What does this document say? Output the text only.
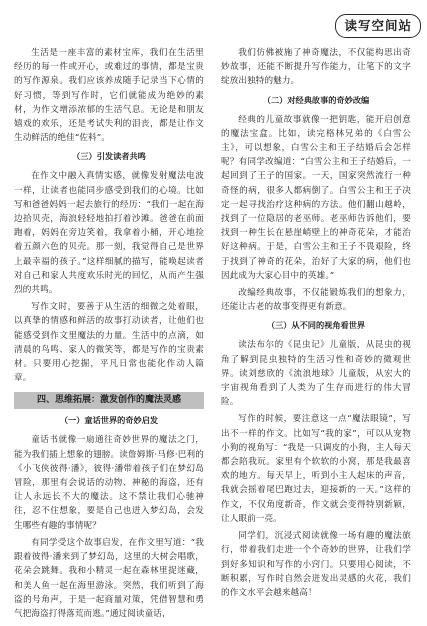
读写空间站

生活是一座丰富的素材宝库，我们在生活里经历的每一件或开心，或难过的事情，都是宝贵的写作源泉。我们应该养成随手记录当下心情的好习惯，等到写作时，它们就能成为绝妙的素材，为作文增添浓郁的生活气息。无论是和朋友嬉戏的欢乐，还是考试失利的泪丧，都是让作文生动鲜活的绝佳“佐料”。

（三）引发读者共鸣

在作文中融入真情实感，就像发射魔法电波一样，让读者也能同步感受到我们的心境。比如写和爸爸妈妈一起去旅行的经历：“我们一起在海边拾贝壳，海浪轻轻地拍打着沙滩。爸爸在前面跑着，妈妈在旁边笑着，我拿着小桶，开心地捡着五颜六色的贝壳。那一刻，我觉得自己是世界上最幸福的孩子。”这样细腻的描写，能唤起读者对自己和家人共度欢乐时光的回忆，从而产生强烈的共鸣。

写作文时，要善于从生活的细微之处着眼，以真挚的情感和鲜活的故事打动读者，让他们也能感受到作文里魔法的力量。生活中的点滴，如清晨的鸟鸣、家人的微笑等，都是写作的宝贵素材。只要用心挖掘，平凡日常也能化作动人篇章。

四、思维拓展：激发创作的魔法灵感
（一）童话世界的奇妙启发

童话书就像一扇通往奇妙世界的魔法之门，能为我们插上想象的翅膀。读詹姆斯·马修·巴利的《小飞侠彼得·潘》，彼得·潘带着孩子们在梦幻岛冒险，那里有会说话的动物、神秘的海盗，还有让人永远长不大的魔法。这不禁让我们心驰神往，忍不住想象，要是自己也进入梦幻岛，会发生哪些有趣的事情呢？

有同学受这个故事启发，在作文里写道：“我跟着彼得·潘来到了梦幻岛，这里的大树会唱歌，花朵会跳舞。我和小精灵一起在森林里捉迷藏，和美人鱼一起在海里游泳。突然，我们听到了海盗的号角声，于是一起商量对策，凭借智慧和勇气把海盗打得落荒而逃。”通过阅读童话，

我们仿佛被施了神奇魔法，不仅能构思出奇妙故事，还能不断提升写作能力，让笔下的文字绽放出独特的魅力。

（二）对经典故事的奇妙改编

经典的儿童故事就像一把钥匙，能开启创意的魔法宝盒。比如，读完格林兄弟的《白雪公主》，可以想象，白雪公主和王子结婚后会怎样呢？有同学改编道：“白雪公主和王子结婚后，一起回到了王子的国家。一天，国家突然流行一种奇怪的病，很多人都病倒了。白雪公主和王子决定一起寻找治疗这种病的方法。他们翻山越岭，找到了一位隐居的老巫师。老巫师告诉他们，要找到一种生长在悬崖峭壁上的神奇花朵，才能治好这种病。于是，白雪公主和王子不畏艰险，终于找到了神奇的花朵，治好了大家的病，他们也因此成为大家心目中的英雄。”

改编经典故事，不仅能锻炼我们的想象力，还能让古老的故事变得更有新意。

（三）从不同的视角看世界

读法布尔的《昆虫记》儿童版，从昆虫的视角了解到昆虫独特的生活习性和奇妙的微观世界。读刘慈欣的《流浪地球》儿童版，从宏大的宇宙视角看到了人类为了生存而进行的伟大冒险。

写作的时候，要注意这一点“魔法眼镜”，写出不一样的作文。比如写“我的家”，可以从宠物小狗的视角写：“我是一只调皮的小狗，主人每天都会陪我玩。家里有个软软的小窝，那是我最喜欢的地方。每天早上，听到小主人起床的声音，我就会摇着尾巴跑过去，迎接新的一天。”这样的作文，不仅角度新奇，作文就会变得特别新颖，让人眼前一亮。

同学们，沉浸式阅读就像一场有趣的魔法旅行，带着我们走进一个个奇妙的世界，让我们学到好多知识和写作的小窍门。只要用心阅读，不断积累，写作时自然会迸发出灵感的火花，我们的作文水平会越来越高！
